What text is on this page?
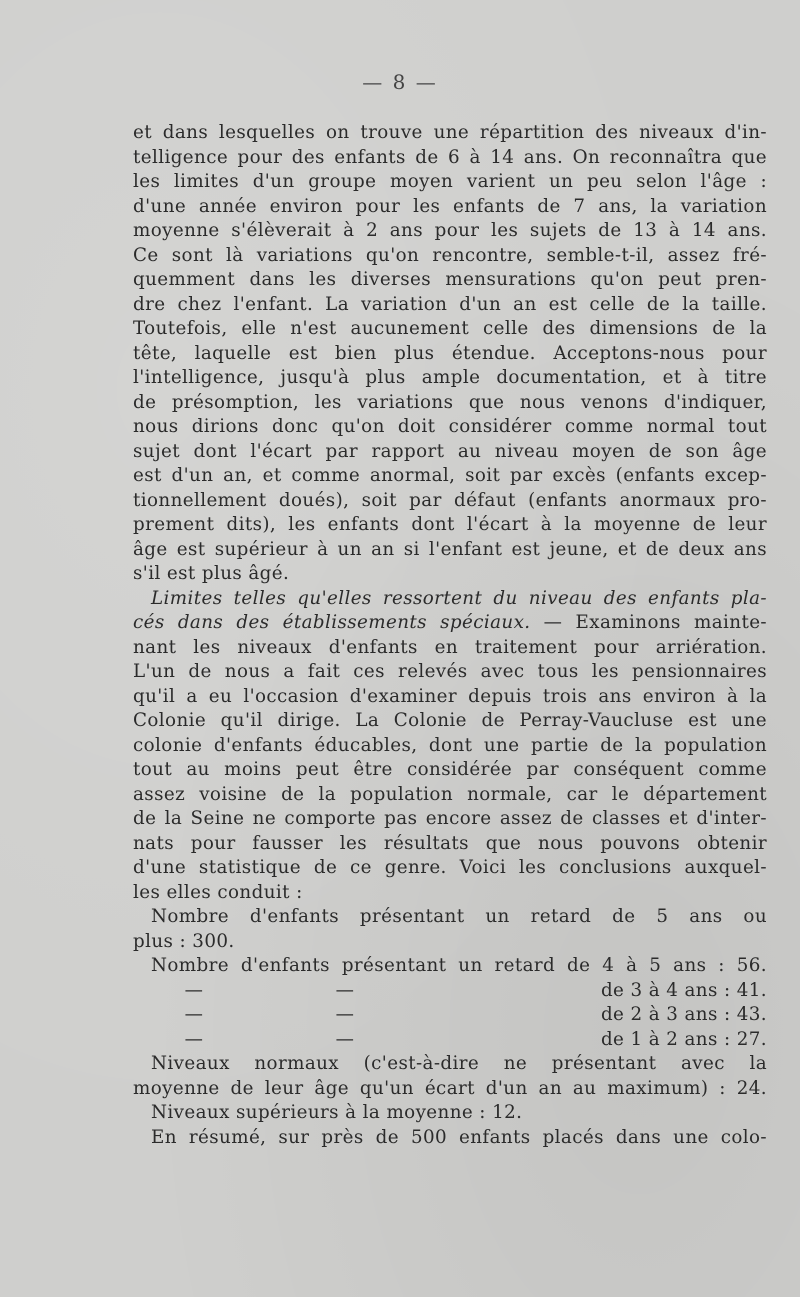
— 8 —
et dans lesquelles on trouve une répartition des niveaux d'in-
telligence pour des enfants de 6 à 14 ans. On reconnaîtra que
les limites d'un groupe moyen varient un peu selon l'âge :
d'une année environ pour les enfants de 7 ans, la variation
moyenne s'élèverait à 2 ans pour les sujets de 13 à 14 ans.
Ce sont là variations qu'on rencontre, semble-t-il, assez fré-
quemment dans les diverses mensurations qu'on peut pren-
dre chez l'enfant. La variation d'un an est celle de la taille.
Toutefois, elle n'est aucunement celle des dimensions de la
tête, laquelle est bien plus étendue. Acceptons-nous pour
l'intelligence, jusqu'à plus ample documentation, et à titre
de présomption, les variations que nous venons d'indiquer,
nous dirions donc qu'on doit considérer comme normal tout
sujet dont l'écart par rapport au niveau moyen de son âge
est d'un an, et comme anormal, soit par excès (enfants excep-
tionnellement doués), soit par défaut (enfants anormaux pro-
prement dits), les enfants dont l'écart à la moyenne de leur
âge est supérieur à un an si l'enfant est jeune, et de deux ans
s'il est plus âgé.
Limites telles qu'elles ressortent du niveau des enfants pla-
cés dans des établissements spéciaux. — Examinons mainte-
nant les niveaux d'enfants en traitement pour arriération.
L'un de nous a fait ces relevés avec tous les pensionnaires
qu'il a eu l'occasion d'examiner depuis trois ans environ à la
Colonie qu'il dirige. La Colonie de Perray-Vaucluse est une
colonie d'enfants éducables, dont une partie de la population
tout au moins peut être considérée par conséquent comme
assez voisine de la population normale, car le département
de la Seine ne comporte pas encore assez de classes et d'inter-
nats pour fausser les résultats que nous pouvons obtenir
d'une statistique de ce genre. Voici les conclusions auxquel-
les elles conduit :
Nombre d'enfants présentant un retard de 5 ans ou
plus : 300.
Nombre d'enfants présentant un retard de 4 à 5 ans : 56.
—	—	de 3 à 4 ans : 41.
—	—	de 2 à 3 ans : 43.
—	—	de 1 à 2 ans : 27.
Niveaux normaux (c'est-à-dire ne présentant avec la
moyenne de leur âge qu'un écart d'un an au maximum) : 24.
Niveaux supérieurs à la moyenne : 12.
En résumé, sur près de 500 enfants placés dans une colo-
